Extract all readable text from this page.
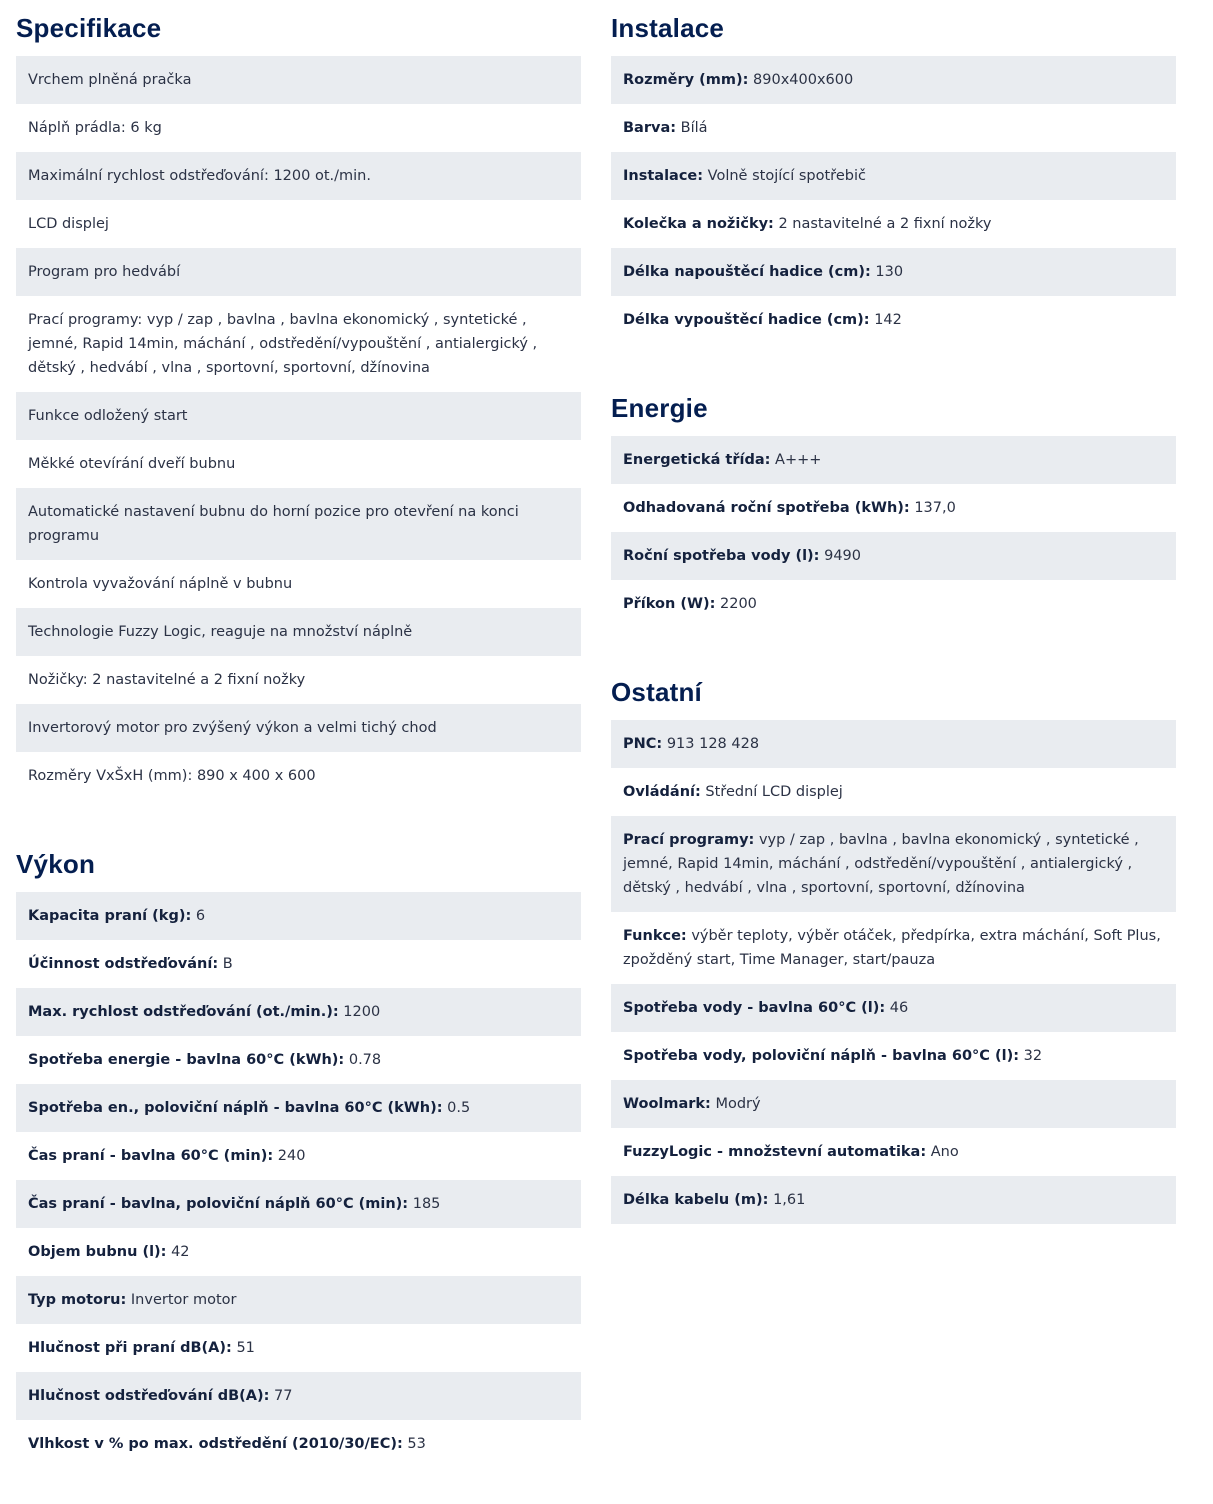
Specifikace
Vrchem plněná pračka
Náplň prádla: 6 kg
Maximální rychlost odstřeďování: 1200 ot./min.
LCD displej
Program pro hedvábí
Prací programy: vyp / zap , bavlna , bavlna ekonomický , syntetické , jemné, Rapid 14min, máchání , odstředění/vypouštění , antialergický , dětský , hedvábí , vlna , sportovní, sportovní, džínovina
Funkce odložený start
Měkké otevírání dveří bubnu
Automatické nastavení bubnu do horní pozice pro otevření na konci programu
Kontrola vyvažování náplně v bubnu
Technologie Fuzzy Logic, reaguje na množství náplně
Nožičky: 2 nastavitelné a 2 fixní nožky
Invertorový motor pro zvýšený výkon a velmi tichý chod
Rozměry VxŠxH (mm): 890 x 400 x 600
Výkon
Kapacita praní (kg): 6
Účinnost odstřeďování: B
Max. rychlost odstřeďování (ot./min.): 1200
Spotřeba energie - bavlna 60°C (kWh): 0.78
Spotřeba en., poloviční náplň - bavlna 60°C (kWh): 0.5
Čas praní - bavlna 60°C (min): 240
Čas praní - bavlna, poloviční náplň 60°C (min): 185
Objem bubnu (l): 42
Typ motoru: Invertor motor
Hlučnost při praní dB(A): 51
Hlučnost odstřeďování dB(A): 77
Vlhkost v % po max. odstředění (2010/30/EC): 53
Instalace
Rozměry (mm): 890x400x600
Barva: Bílá
Instalace: Volně stojící spotřebič
Kolečka a nožičky: 2 nastavitelné a 2 fixní nožky
Délka napouštěcí hadice (cm): 130
Délka vypouštěcí hadice (cm): 142
Energie
Energetická třída: A+++
Odhadovaná roční spotřeba (kWh): 137,0
Roční spotřeba vody (l): 9490
Příkon (W): 2200
Ostatní
PNC: 913 128 428
Ovládání: Střední LCD displej
Prací programy: vyp / zap , bavlna , bavlna ekonomický , syntetické , jemné, Rapid 14min, máchání , odstředění/vypouštění , antialergický , dětský , hedvábí , vlna , sportovní, sportovní, džínovina
Funkce: výběr teploty, výběr otáček, předpírka, extra máchání, Soft Plus, zpožděný start, Time Manager, start/pauza
Spotřeba vody - bavlna 60°C (l): 46
Spotřeba vody, poloviční náplň - bavlna 60°C (l): 32
Woolmark: Modrý
FuzzyLogic - množstevní automatika: Ano
Délka kabelu (m): 1,61
